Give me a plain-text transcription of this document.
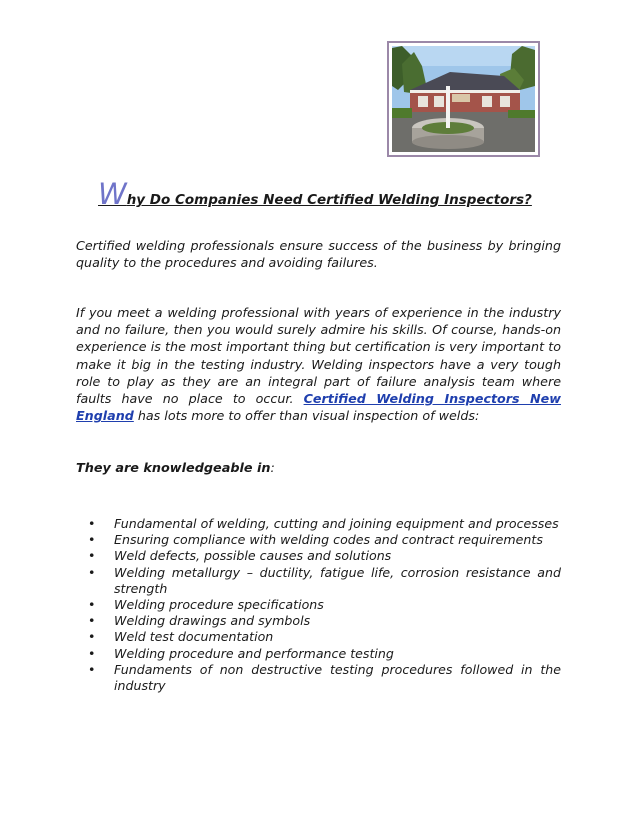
Why Do Companies Need Certified Welding Inspectors?

Certified welding professionals ensure success of the business by bringing quality to the procedures and avoiding failures.

If you meet a welding professional with years of experience in the industry and no failure, then you would surely admire his skills. Of course, hands-on experience is the most important thing but certification is very important to make it big in the testing industry. Welding inspectors have a very tough role to play as they are an integral part of failure analysis team where faults have no place to occur. Certified Welding Inspectors New England has lots more to offer than visual inspection of welds:

They are knowledgeable in:

• Fundamental of welding, cutting and joining equipment and processes
• Ensuring compliance with welding codes and contract requirements
• Weld defects, possible causes and solutions
• Welding metallurgy – ductility, fatigue life, corrosion resistance and strength
• Welding procedure specifications
• Welding drawings and symbols
• Weld test documentation
• Welding procedure and performance testing
• Fundaments of non destructive testing procedures followed in the industry
